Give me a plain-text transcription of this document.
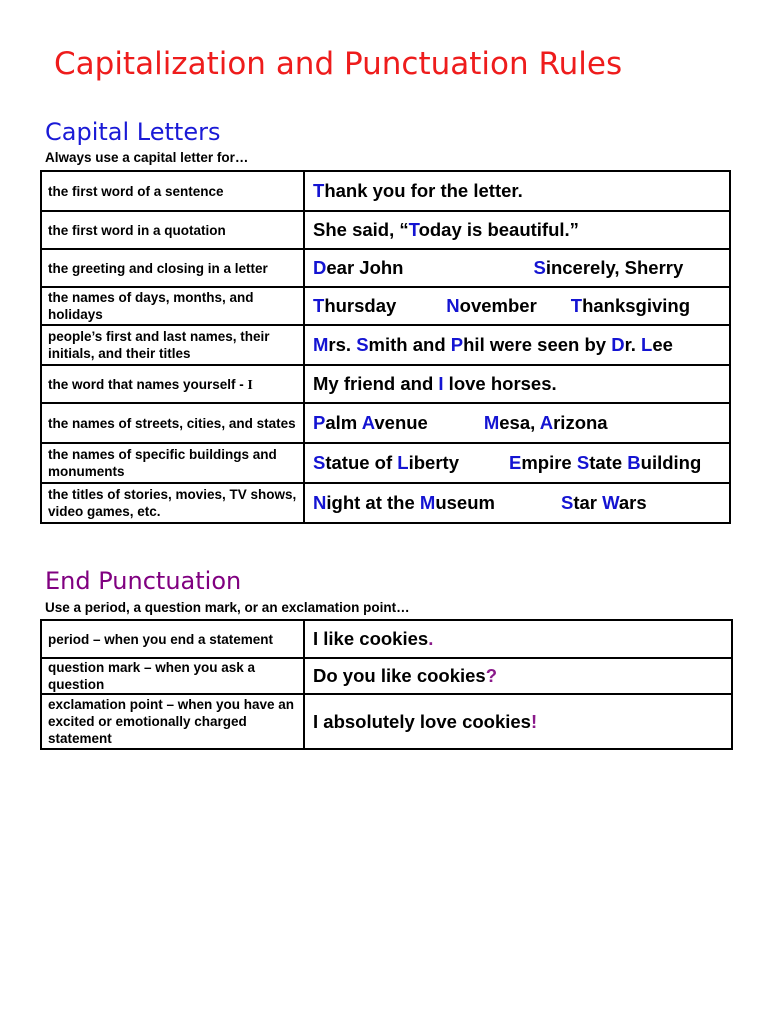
Capitalization and Punctuation Rules
Capital Letters
Always use a capital letter for…
the first word of a sentence	Thank you for the letter.
the first word in a quotation	She said, “Today is beautiful.”
the greeting and closing in a letter	Dear John Sincerely, Sherry
the names of days, months, and holidays	Thursday November Thanksgiving
people’s first and last names, their initials, and their titles	Mrs. Smith and Phil were seen by Dr. Lee
the word that names yourself - I	My friend and I love horses.
the names of streets, cities, and states	Palm Avenue Mesa, Arizona
the names of specific buildings and monuments	Statue of Liberty Empire State Building
the titles of stories, movies, TV shows, video games, etc.	Night at the Museum Star Wars
End Punctuation
Use a period, a question mark, or an exclamation point…
period – when you end a statement	I like cookies.
question mark – when you ask a question	Do you like cookies?
exclamation point – when you have an excited or emotionally charged statement	I absolutely love cookies!
